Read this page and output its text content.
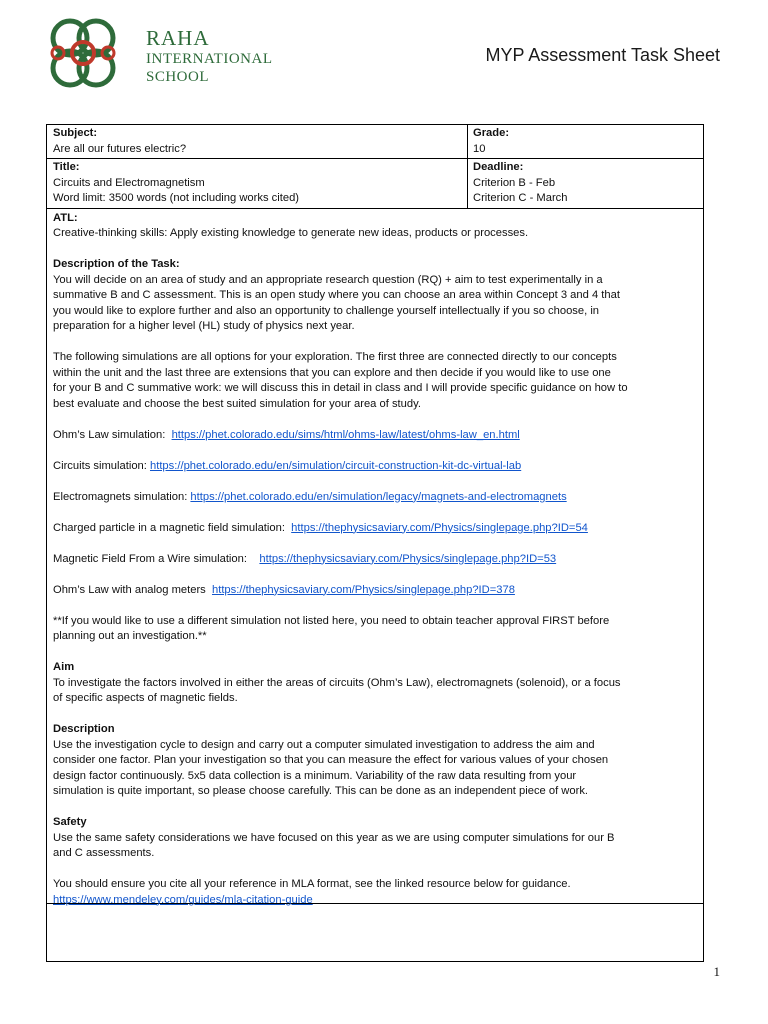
RAHA
INTERNATIONAL
SCHOOL
MYP Assessment Task Sheet
Subject:
Are all our futures electric?
Grade:
10
Title:
Circuits and Electromagnetism
Word limit: 3500 words (not including works cited)
Deadline:
Criterion B - Feb
Criterion C - March

ATL:

Creative-thinking skills: Apply existing knowledge to generate new ideas, products or processes.

Description of the Task:

You will decide on an area of study and an appropriate research question (RQ) + aim to test experimentally in a

summative B and C assessment. This is an open study where you can choose an area within Concept 3 and 4 that

you would like to explore further and also an opportunity to challenge yourself intellectually if you so choose, in

preparation for a higher level (HL) study of physics next year.

The following simulations are all options for your exploration. The first three are connected directly to our concepts

within the unit and the last three are extensions that you can explore and then decide if you would like to use one

for your B and C summative work: we will discuss this in detail in class and I will provide specific guidance on how to

best evaluate and choose the best suited simulation for your area of study.

Ohm’s Law simulation:  https://phet.colorado.edu/sims/html/ohms-law/latest/ohms-law_en.html

Circuits simulation: https://phet.colorado.edu/en/simulation/circuit-construction-kit-dc-virtual-lab

Electromagnets simulation: https://phet.colorado.edu/en/simulation/legacy/magnets-and-electromagnets

Charged particle in a magnetic field simulation:  https://thephysicsaviary.com/Physics/singlepage.php?ID=54

Magnetic Field From a Wire simulation:    https://thephysicsaviary.com/Physics/singlepage.php?ID=53

Ohm’s Law with analog meters  https://thephysicsaviary.com/Physics/singlepage.php?ID=378

**If you would like to use a different simulation not listed here, you need to obtain teacher approval FIRST before

planning out an investigation.**

Aim

To investigate the factors involved in either the areas of circuits (Ohm’s Law), electromagnets (solenoid), or a focus

of specific aspects of magnetic fields.

Description

Use the investigation cycle to design and carry out a computer simulated investigation to address the aim and

consider one factor. Plan your investigation so that you can measure the effect for various values of your chosen

design factor continuously. 5x5 data collection is a minimum. Variability of the raw data resulting from your

simulation is quite important, so please choose carefully. This can be done as an independent piece of work.

Safety

Use the same safety considerations we have focused on this year as we are using computer simulations for our B

and C assessments.

You should ensure you cite all your reference in MLA format, see the linked resource below for guidance.

https://www.mendeley.com/guides/mla-citation-guide

1
